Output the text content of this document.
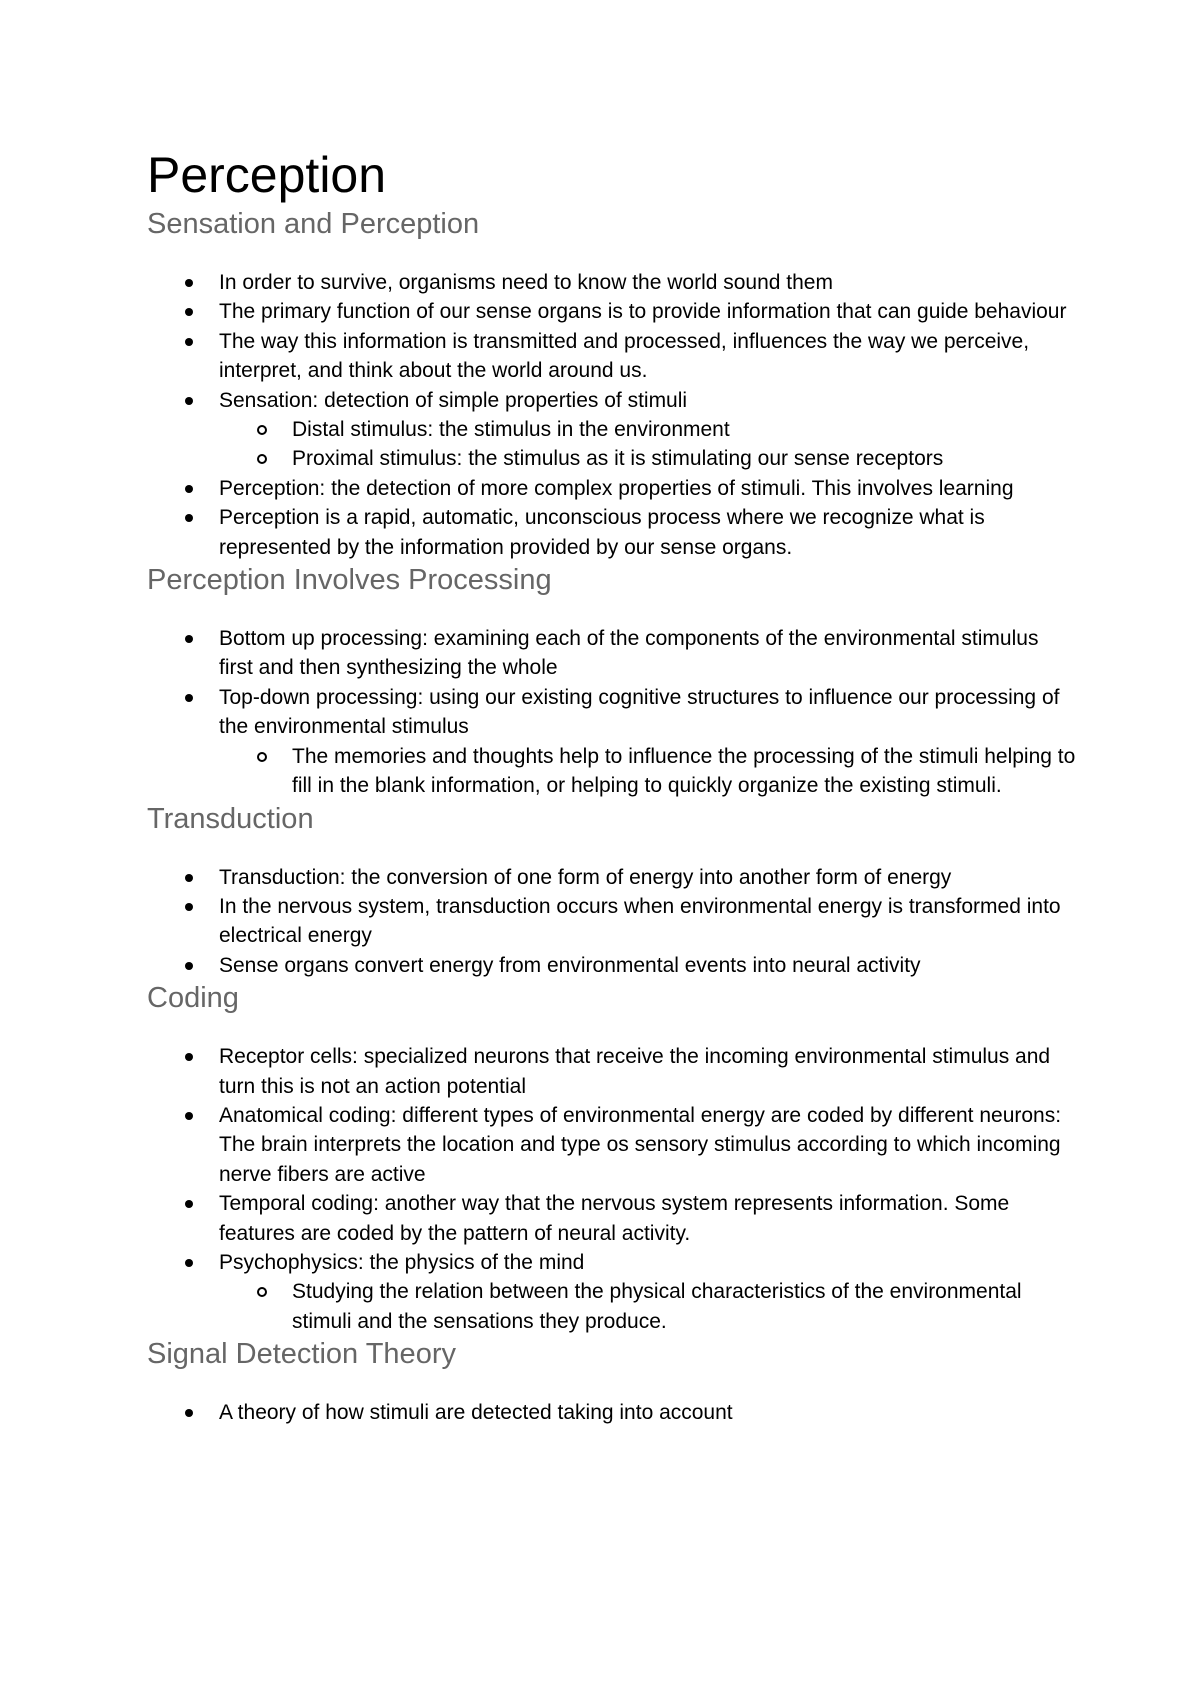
Perception
Sensation and Perception
In order to survive, organisms need to know the world sound them
The primary function of our sense organs is to provide information that can guide behaviour
The way this information is transmitted and processed, influences the way we perceive, interpret, and think about the world around us.
Sensation: detection of simple properties of stimuli
Distal stimulus: the stimulus in the environment
Proximal stimulus: the stimulus as it is stimulating our sense receptors
Perception: the detection of more complex properties of stimuli. This involves learning
Perception is a rapid, automatic, unconscious process where we recognize what is represented by the information provided by our sense organs.
Perception Involves Processing
Bottom up processing: examining each of the components of the environmental stimulus first and then synthesizing the whole
Top-down processing: using our existing cognitive structures to influence our processing of the environmental stimulus
The memories and thoughts help to influence the processing of the stimuli helping to fill in the blank information, or helping to quickly organize the existing stimuli.
Transduction
Transduction: the conversion of one form of energy into another form of energy
In the nervous system, transduction occurs when environmental energy is transformed into electrical energy
Sense organs convert energy from environmental events into neural activity
Coding
Receptor cells: specialized neurons that receive the incoming environmental stimulus and turn this is not an action potential
Anatomical coding: different types of environmental energy are coded by different neurons: The brain interprets the location and type os sensory stimulus according to which incoming nerve fibers are active
Temporal coding: another way that the nervous system represents information. Some features are coded by the pattern of neural activity.
Psychophysics: the physics of the mind
Studying the relation between the physical characteristics of the environmental stimuli and the sensations they produce.
Signal Detection Theory
A theory of how stimuli are detected taking into account
